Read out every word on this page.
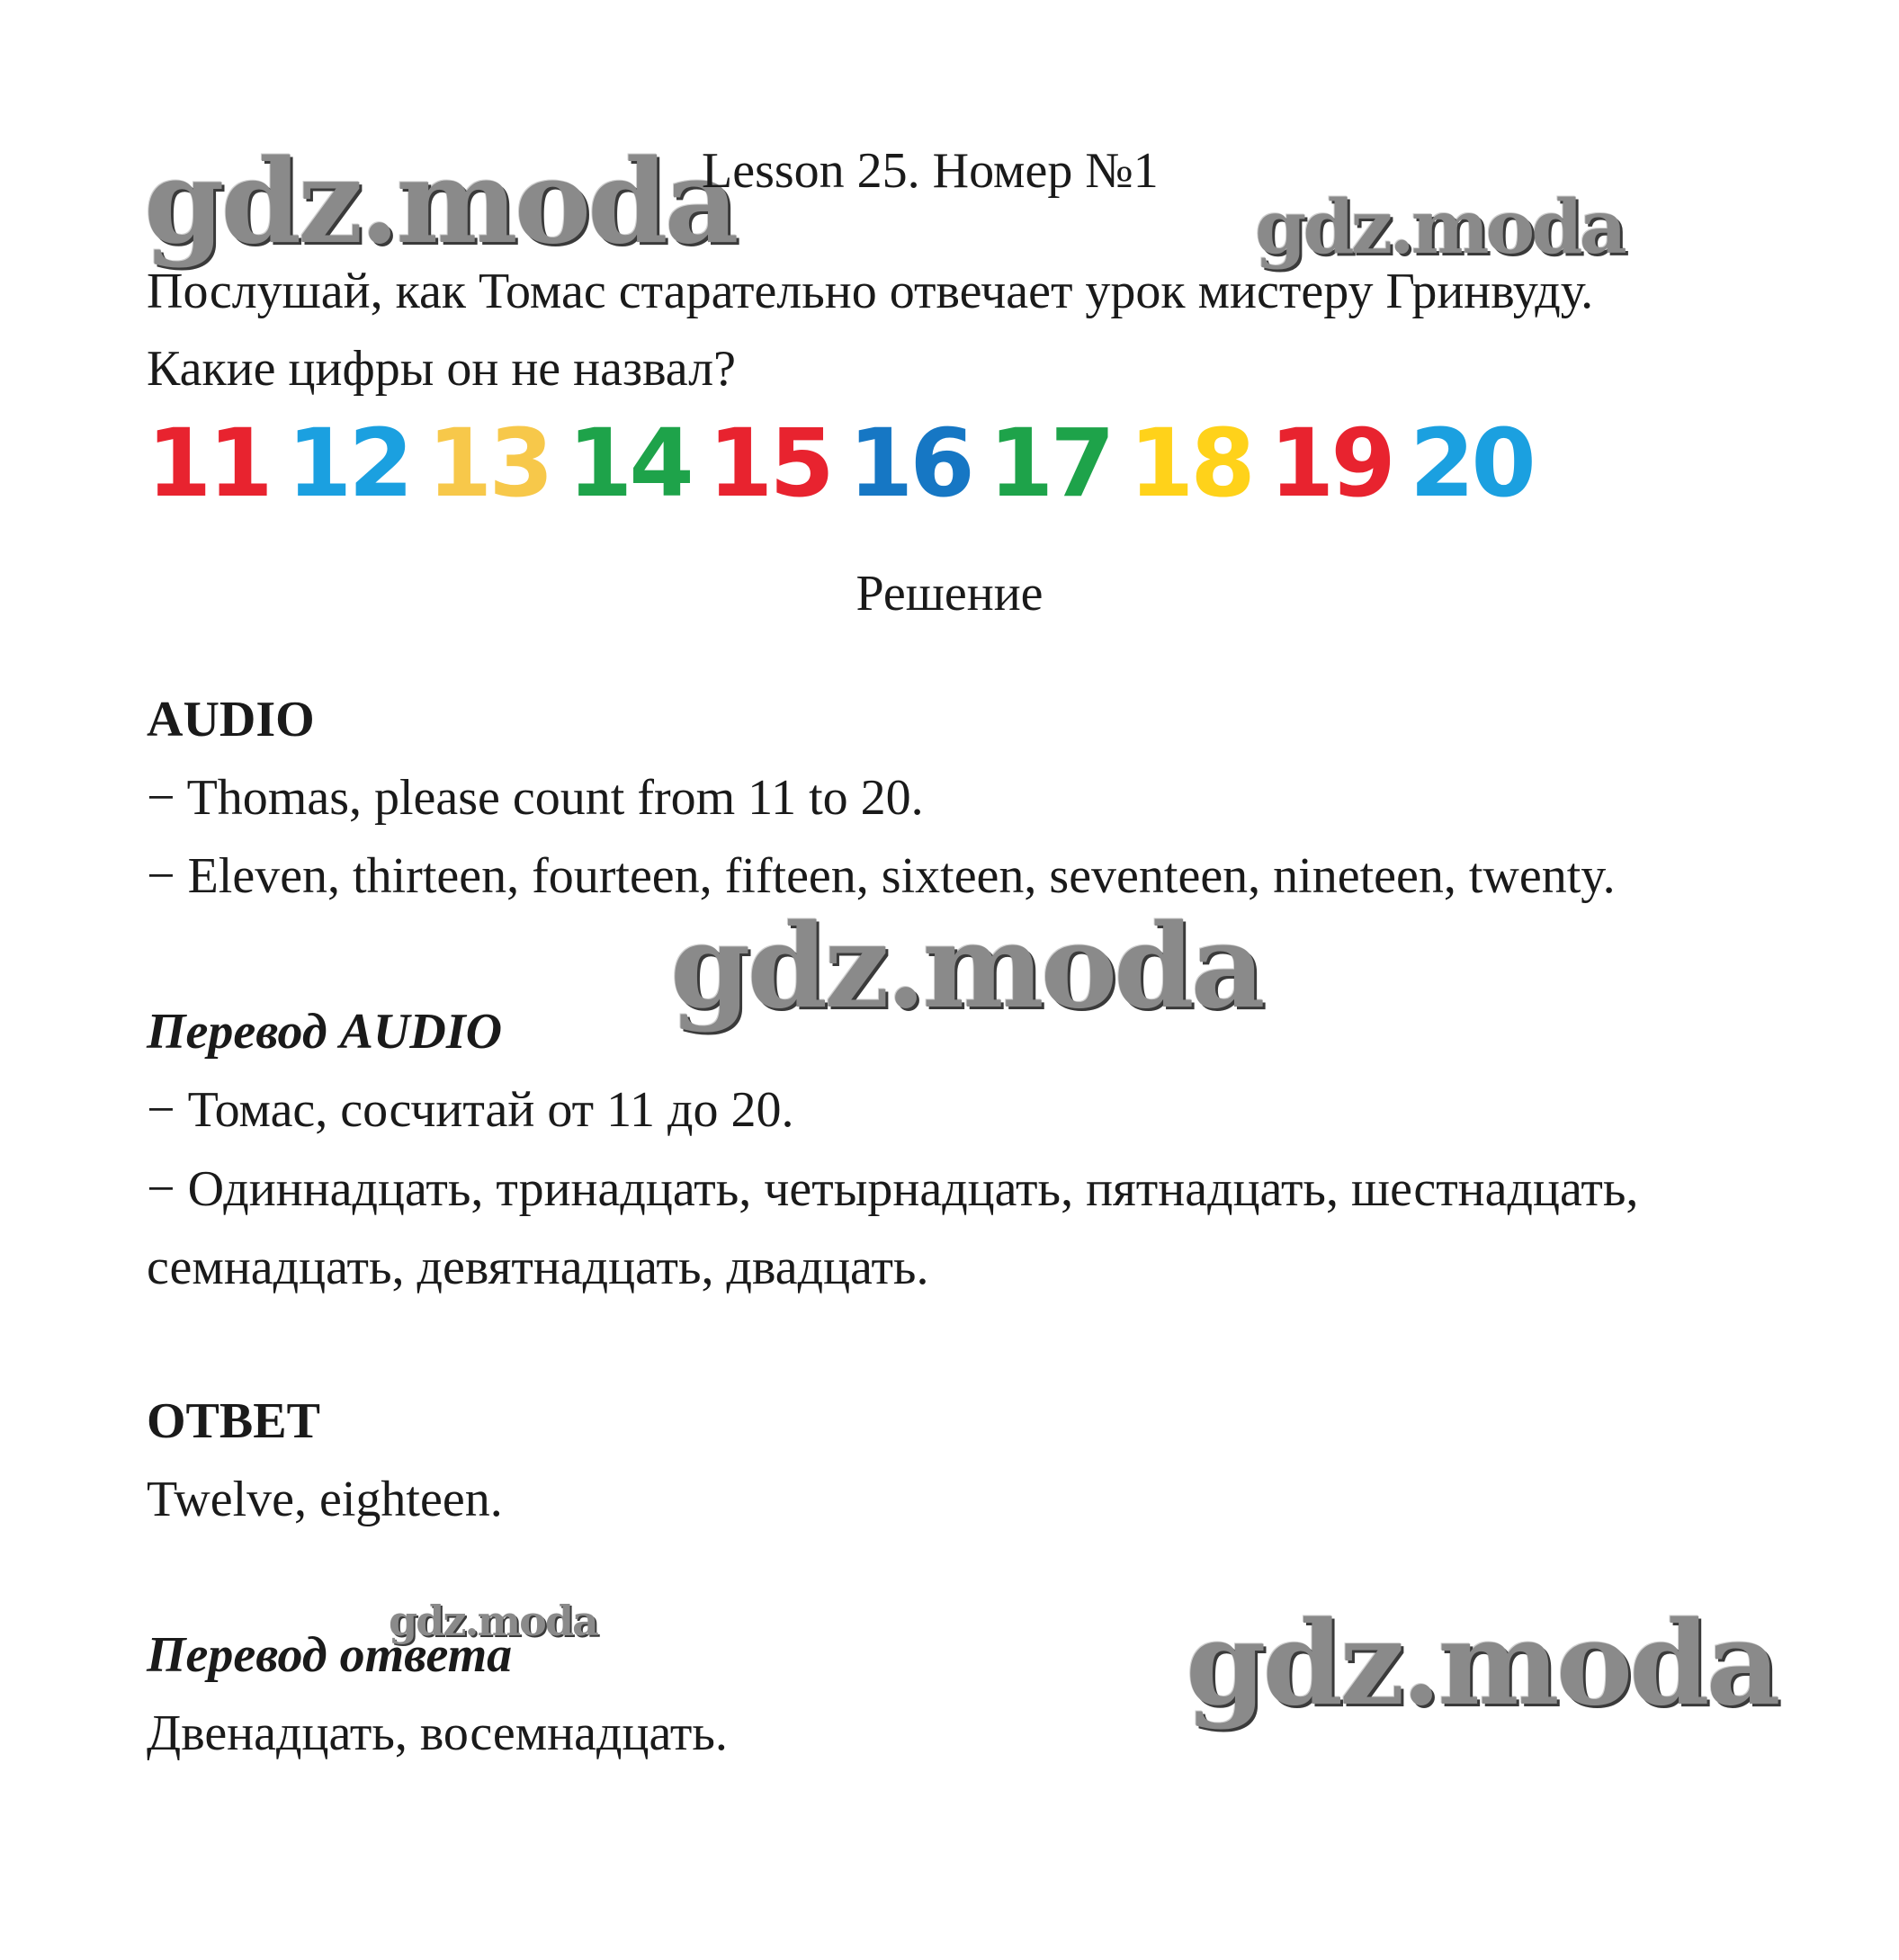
gdz.moda
Lesson 25. Номер №1
gdz.moda
Послушай, как Томас старательно отвечает урок мистеру Гринвуду.
Какие цифры он не назвал?
11 12 13 14 15 16 17 18 19 20
Решение
AUDIO
− Thomas, please count from 11 to 20.
− Eleven, thirteen, fourteen, fifteen, sixteen, seventeen, nineteen, twenty.
gdz.moda
Перевод AUDIO
− Томас, сосчитай от 11 до 20.
− Одиннадцать, тринадцать, четырнадцать, пятнадцать, шестнадцать,
семнадцать, девятнадцать, двадцать.
ОТВЕТ
Twelve, eighteen.
Перевод ответа
gdz.moda	gdz.moda
Двенадцать, восемнадцать.
